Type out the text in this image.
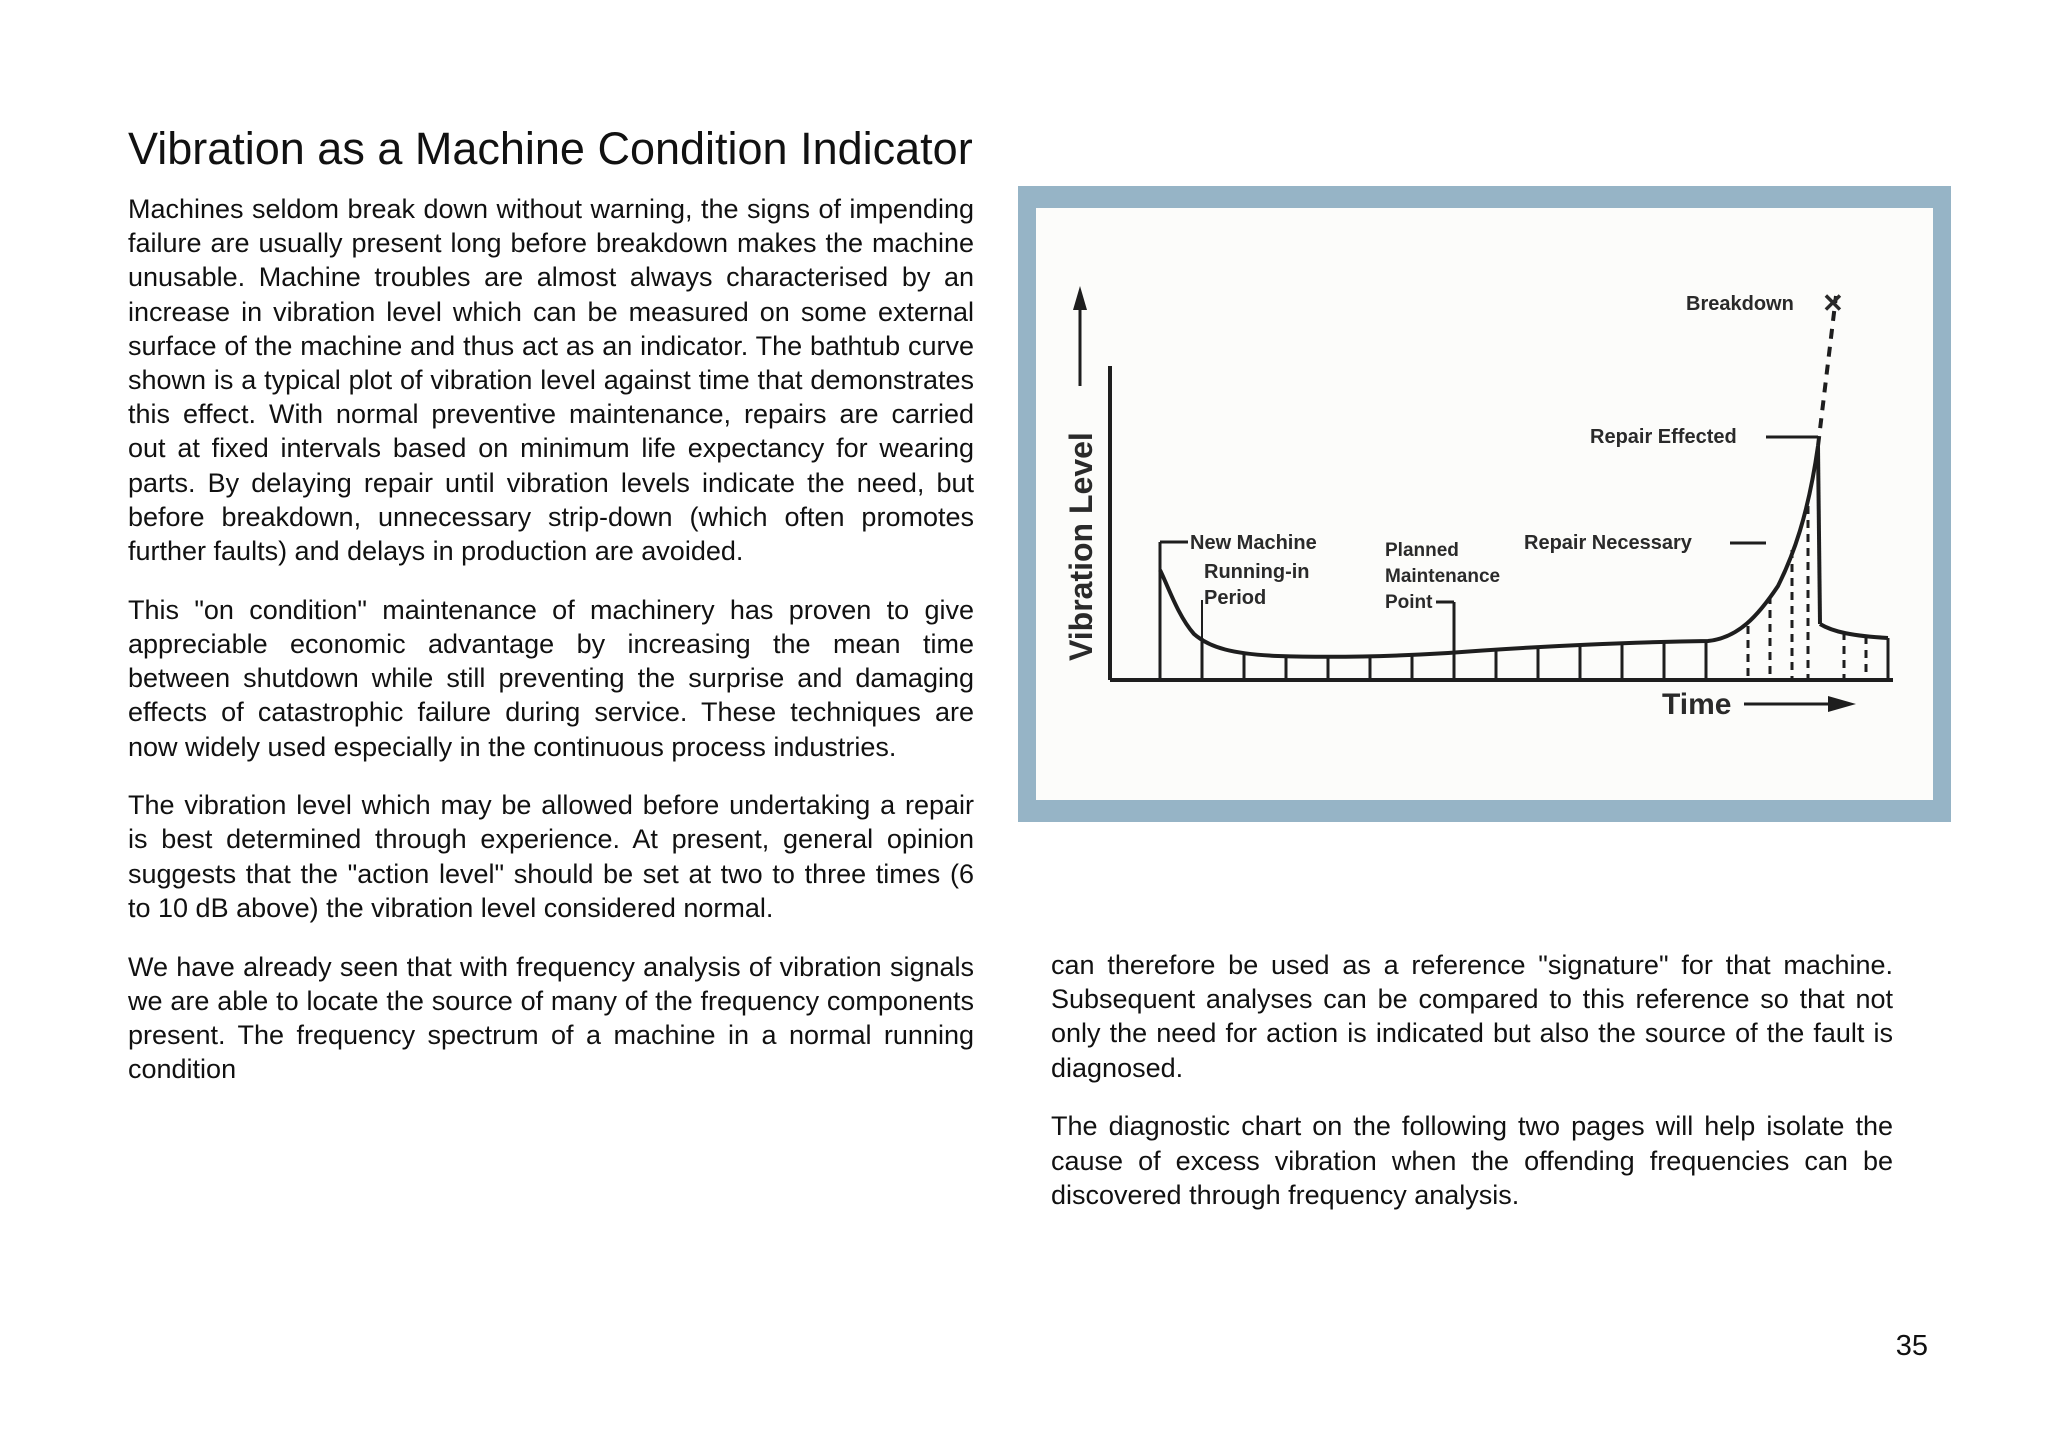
Vibration as a Machine Condition Indicator

Machines seldom break down without warning, the signs of impending failure are usually present long before breakdown makes the machine unusable. Machine troubles are almost always characterised by an increase in vibration level which can be measured on some external surface of the machine and thus act as an indicator. The bathtub curve shown is a typical plot of vibration level against time that demonstrates this effect. With normal preventive maintenance, repairs are carried out at fixed intervals based on minimum life expectancy for wearing parts. By delaying repair until vibration levels indicate the need, but before breakdown, unnecessary strip-down (which often promotes further faults) and delays in production are avoided.

This "on condition" maintenance of machinery has proven to give appreciable economic advantage by increasing the mean time between shutdown while still preventing the surprise and damaging effects of catastrophic failure during service. These techniques are now widely used especially in the continuous process industries.

The vibration level which may be allowed before undertaking a repair is best determined through experience. At present, general opinion suggests that the "action level" should be set at two to three times (6 to 10 dB above) the vibration level considered normal.

We have already seen that with frequency analysis of vibration signals we are able to locate the source of many of the frequency components present. The frequency spectrum of a machine in a normal running condition

Vibration Level
Time
Breakdown ✕
Repair Effected
Repair Necessary
New Machine
Running-in
Period
Planned
Maintenance
Point

can therefore be used as a reference "signature" for that machine. Subsequent analyses can be compared to this reference so that not only the need for action is indicated but also the source of the fault is diagnosed.

The diagnostic chart on the following two pages will help isolate the cause of excess vibration when the offending frequencies can be discovered through frequency analysis.

35
